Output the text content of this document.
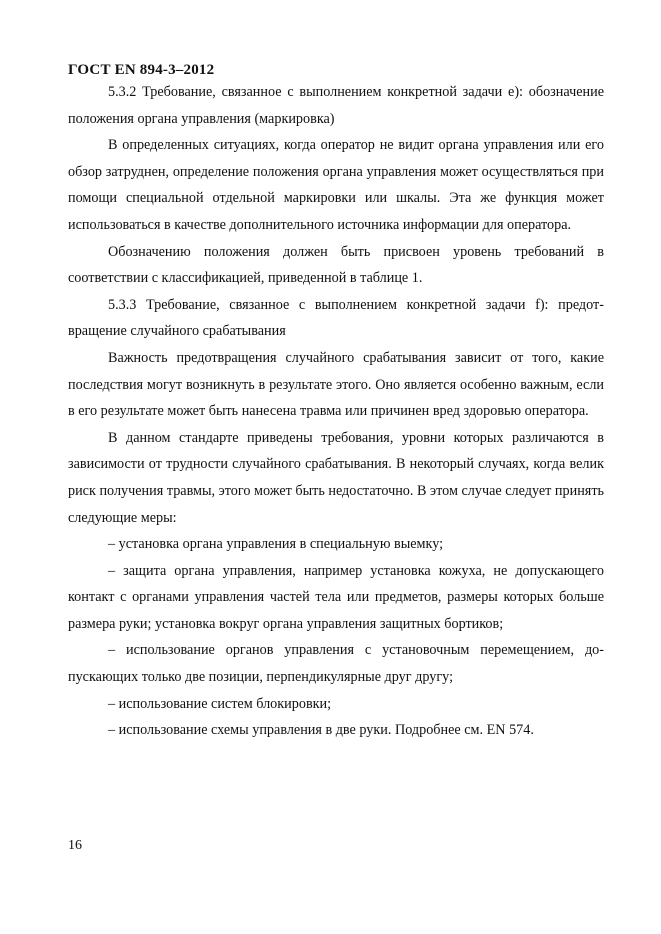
ГОСТ EN 894-3–2012

5.3.2 Требование, связанное с выполнением конкретной задачи e): обозначение положения органа управления (маркировка)

В определенных ситуациях, когда оператор не видит органа управления или его обзор затруднен, определение положения органа управления может осуществляться при помощи специальной отдельной маркировки или шкалы. Эта же функция может использоваться в качестве дополнительного источника информации для оператора.

Обозначению положения должен быть присвоен уровень требований в соответствии с классификацией, приведенной в таблице 1.

5.3.3 Требование, связанное с выполнением конкретной задачи f): предотвращение случайного срабатывания

Важность предотвращения случайного срабатывания зависит от того, какие последствия могут возникнуть в результате этого. Оно является особенно важным, если в его результате может быть нанесена травма или причинен вред здоровью оператора.

В данном стандарте приведены требования, уровни которых различаются в зависимости от трудности случайного срабатывания. В некоторый случаях, когда велик риск получения травмы, этого может быть недостаточно. В этом случае следует принять следующие меры:

– установка органа управления в специальную выемку;

– защита органа управления, например установка кожуха, не допускающего контакт с органами управления частей тела или предметов, размеры которых больше размера руки; установка вокруг органа управления защитных бортиков;

– использование органов управления с установочным перемещением, допускающих только две позиции, перпендикулярные друг другу;

– использование систем блокировки;

– использование схемы управления в две руки. Подробнее см. EN 574.

16
